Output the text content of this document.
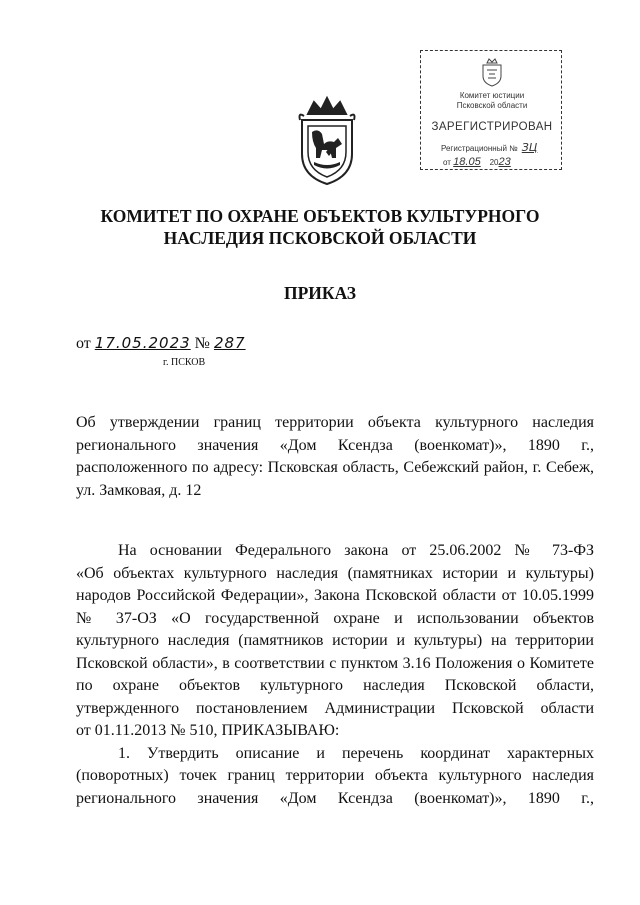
Комитет юстиции
Псковской области
ЗАРЕГИСТРИРОВАН
Регистрационный № ЗЦ
от 18.05 2023
КОМИТЕТ ПО ОХРАНЕ ОБЪЕКТОВ КУЛЬТУРНОГО
НАСЛЕДИЯ ПСКОВСКОЙ ОБЛАСТИ
ПРИКАЗ
от 17.05.2023 № 287
г. ПСКОВ

Об утверждении границ территории объекта культурного наследия

регионального значения «Дом Ксендза (военкомат)», 1890 г.,

расположенного по адресу: Псковская область, Себежский район, г. Себеж,

ул. Замковая, д. 12

На основании Федерального закона от 25.06.2002 № 73-ФЗ

«Об объектах культурного наследия (памятниках истории и культуры)

народов Российской Федерации», Закона Псковской области от 10.05.1999

№ 37-ОЗ «О государственной охране и использовании объектов

культурного наследия (памятников истории и культуры) на территории

Псковской области», в соответствии с пунктом 3.16 Положения о Комитете

по охране объектов культурного наследия Псковской области,

утвержденного постановлением Администрации Псковской области

от 01.11.2013 № 510, ПРИКАЗЫВАЮ:

1. Утвердить описание и перечень координат характерных

(поворотных) точек границ территории объекта культурного наследия

регионального значения «Дом Ксендза (военкомат)», 1890 г.,
